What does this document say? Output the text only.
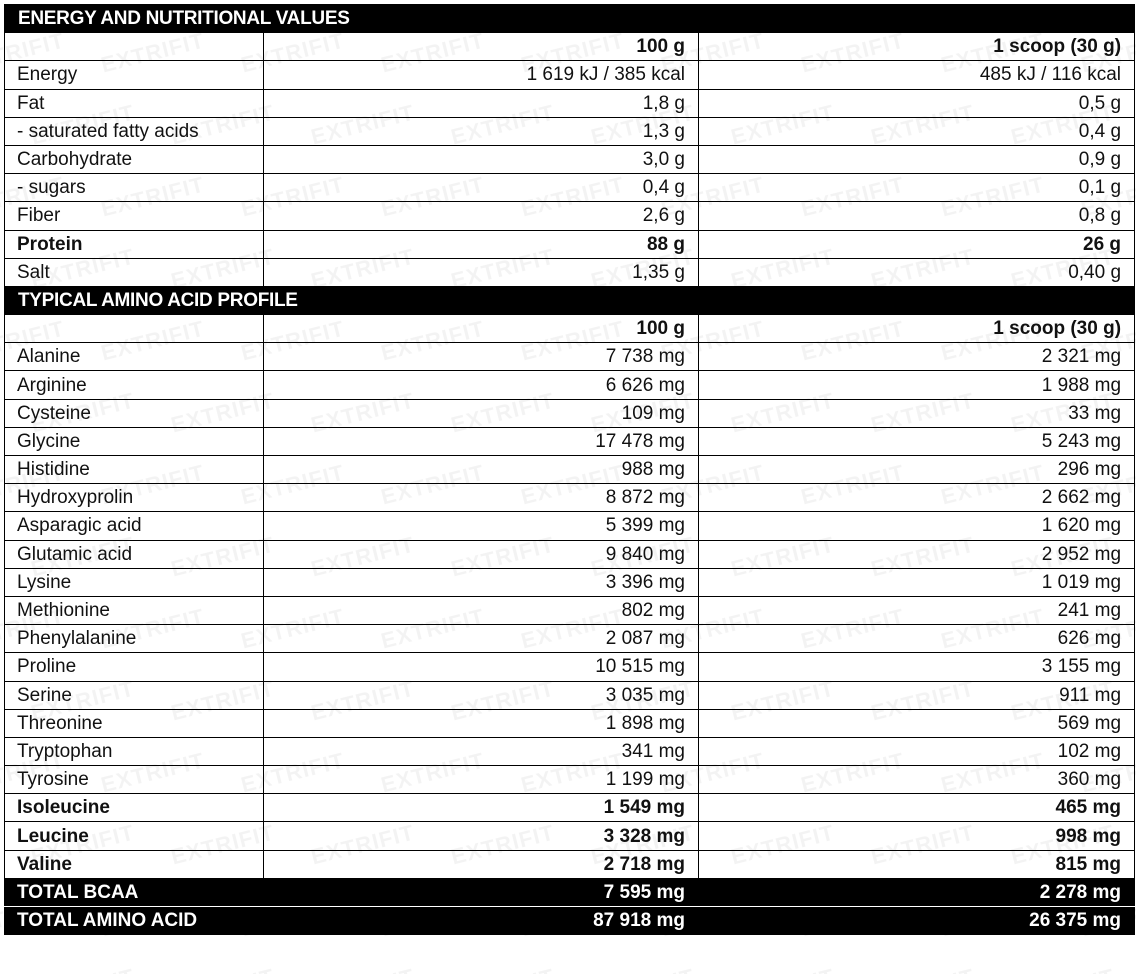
ENERGY AND NUTRITIONAL VALUES		
	100 g	1 scoop (30 g)
Energy	1 619 kJ / 385 kcal	485 kJ / 116 kcal
Fat	1,8 g	0,5 g
- saturated fatty acids	1,3 g	0,4 g
Carbohydrate	3,0 g	0,9 g
- sugars	0,4 g	0,1 g
Fiber	2,6 g	0,8 g
Protein	88 g	26 g
Salt	1,35 g	0,40 g
TYPICAL AMINO ACID PROFILE		
	100 g	1 scoop (30 g)
Alanine	7 738 mg	2 321 mg
Arginine	6 626 mg	1 988 mg
Cysteine	109 mg	33 mg
Glycine	17 478 mg	5 243 mg
Histidine	988 mg	296 mg
Hydroxyprolin	8 872 mg	2 662 mg
Asparagic acid	5 399 mg	1 620 mg
Glutamic acid	9 840 mg	2 952 mg
Lysine	3 396 mg	1 019 mg
Methionine	802 mg	241 mg
Phenylalanine	2 087 mg	626 mg
Proline	10 515 mg	3 155 mg
Serine	3 035 mg	911 mg
Threonine	1 898 mg	569 mg
Tryptophan	341 mg	102 mg
Tyrosine	1 199 mg	360 mg
Isoleucine	1 549 mg	465 mg
Leucine	3 328 mg	998 mg
Valine	2 718 mg	815 mg
TOTAL BCAA	7 595 mg	2 278 mg
TOTAL AMINO ACID	87 918 mg	26 375 mg
